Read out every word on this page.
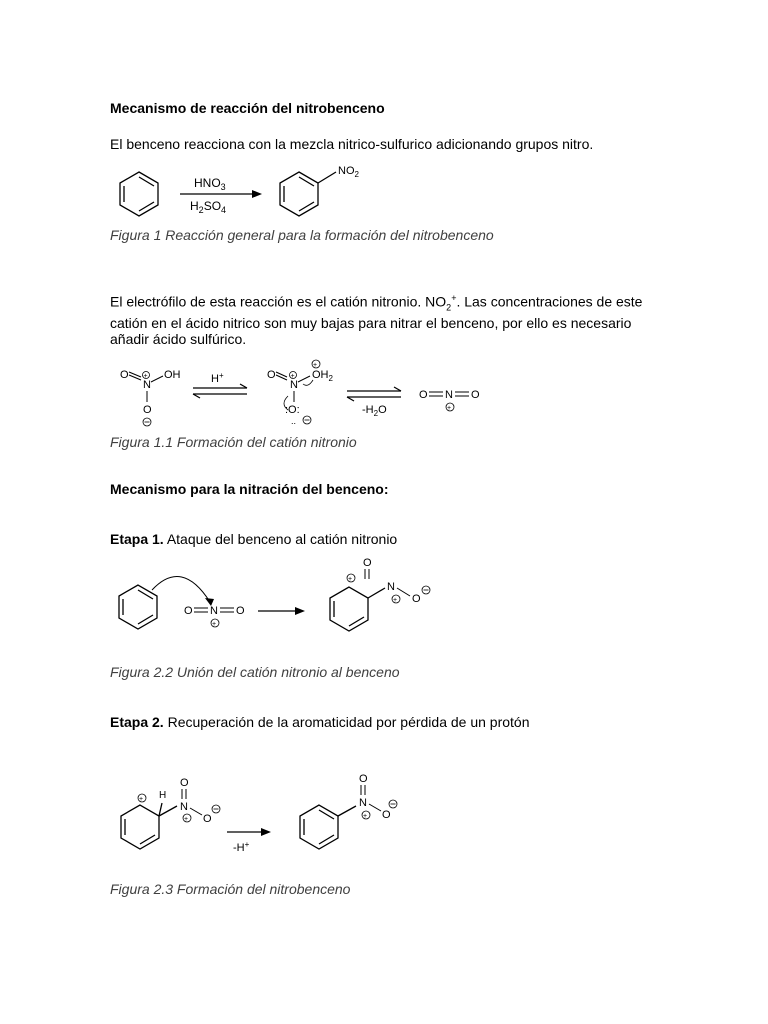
Mecanismo de reacción del nitrobenceno
El benceno reacciona con la mezcla nitrico-sulfurico adicionando grupos nitro.
$HNO_3$
$H_2SO_4$
$NO_2$
Figura 1 Reacción general para la formación del nitrobenceno
El electrófilo de esta reacción es el catión nitronio. $NO_2^+$. Las concentraciones de este catión en el ácido nitrico son muy bajas para nitrar el benceno, por ello es necesario añadir ácido sulfúrico.
O +
N
OH
O
H+
+
O +
N
$OH_2$
:O:
..
$-H_2O$
O N O
+
Figura 1.1 Formación del catión nitronio
Mecanismo para la nitración del benceno:
Etapa 1. Ataque del benceno al catión nitronio
O N O
+
+
O
N
+ O
Figura 2.2 Unión del catión nitronio al benceno
Etapa 2. Recuperación de la aromaticidad por pérdida de un protón
H
+
O
N
+ O
-H+
O
N
+ O
Figura 2.3 Formación del nitrobenceno
